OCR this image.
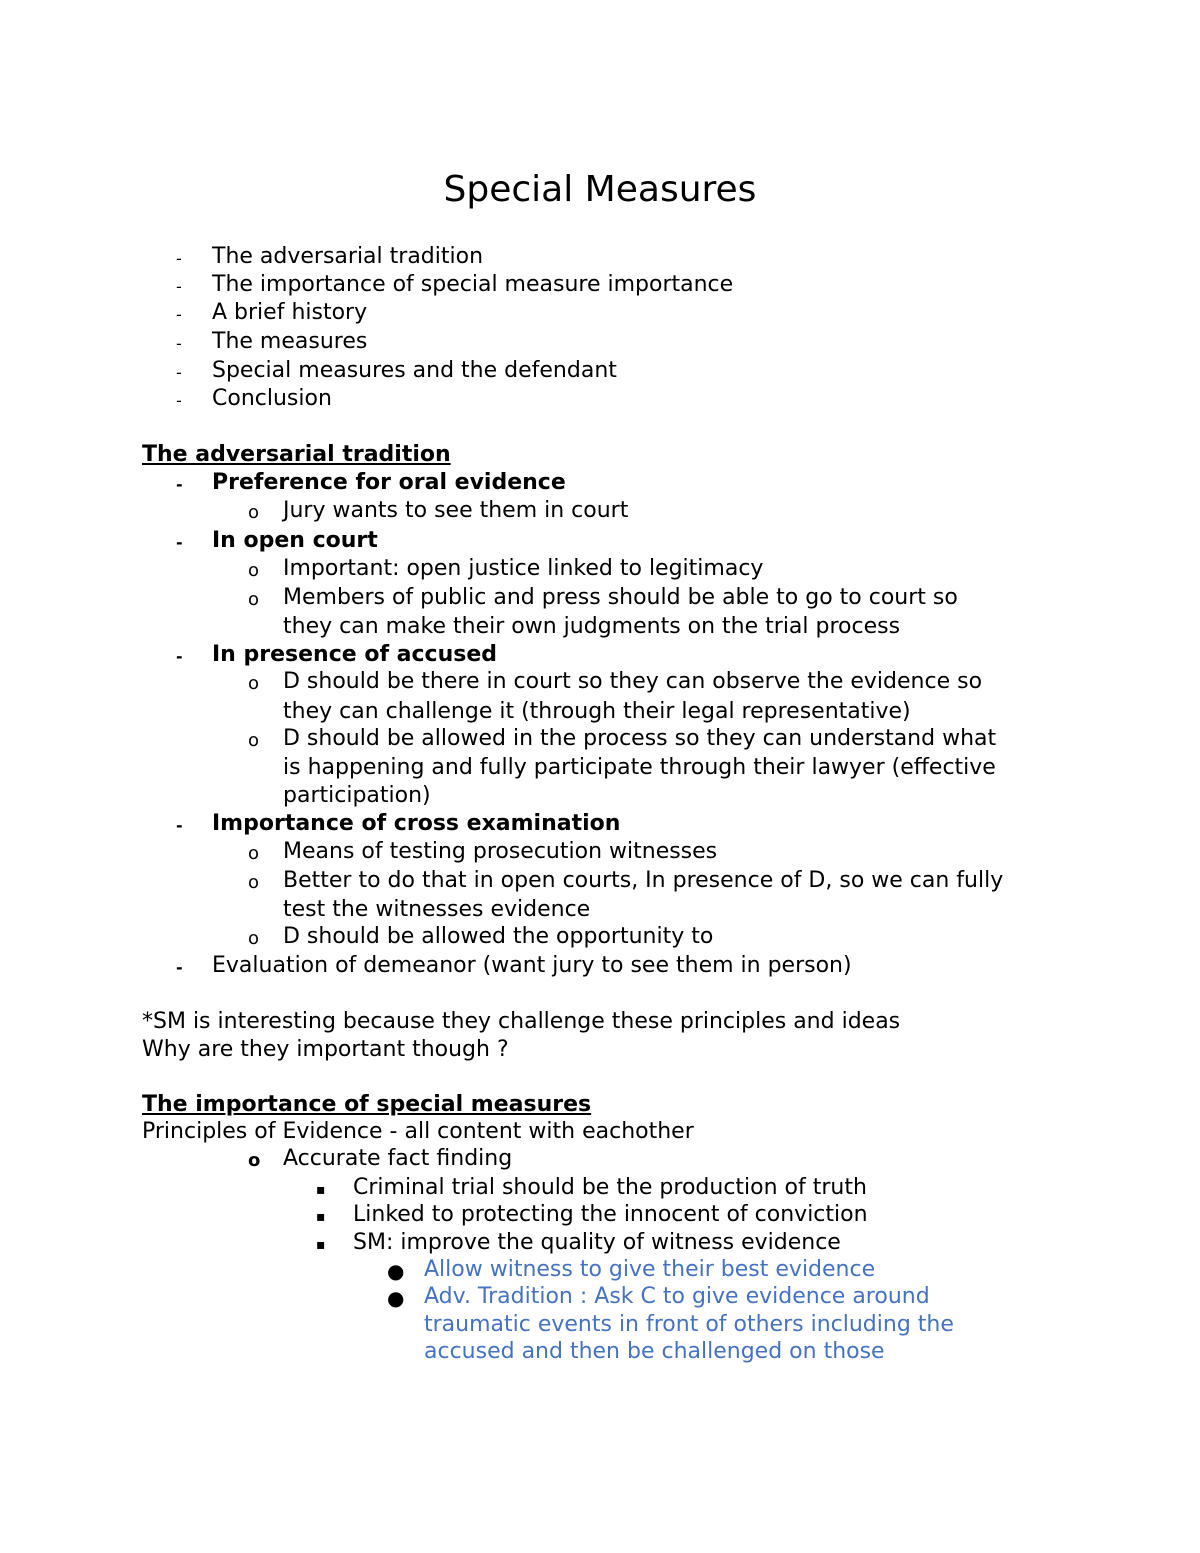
Special Measures
- The adversarial tradition
- The importance of special measure importance
- A brief history
- The measures
- Special measures and the defendant
- Conclusion
The adversarial tradition
- Preference for oral evidence
o Jury wants to see them in court
- In open court
o Important: open justice linked to legitimacy
o Members of public and press should be able to go to court so
they can make their own judgments on the trial process
- In presence of accused
o D should be there in court so they can observe the evidence so
they can challenge it (through their legal representative)
o D should be allowed in the process so they can understand what
is happening and fully participate through their lawyer (effective
participation)
- Importance of cross examination
o Means of testing prosecution witnesses
o Better to do that in open courts, In presence of D, so we can fully
test the witnesses evidence
o D should be allowed the opportunity to
- Evaluation of demeanor (want jury to see them in person)
*SM is interesting because they challenge these principles and ideas
Why are they important though ?
The importance of special measures
Principles of Evidence - all content with eachother
o Accurate fact finding
▪ Criminal trial should be the production of truth
▪ Linked to protecting the innocent of conviction
▪ SM: improve the quality of witness evidence
● Allow witness to give their best evidence
● Adv. Tradition : Ask C to give evidence around
traumatic events in front of others including the
accused and then be challenged on those
